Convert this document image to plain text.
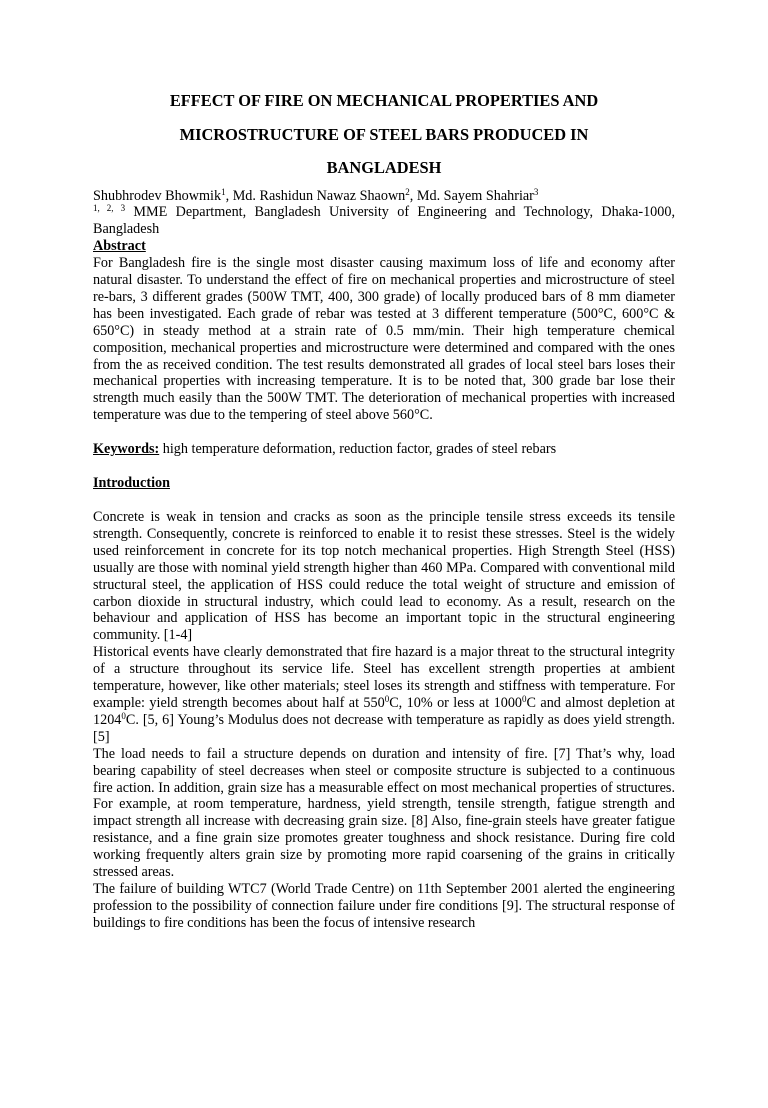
EFFECT OF FIRE ON MECHANICAL PROPERTIES AND
MICROSTRUCTURE OF STEEL BARS PRODUCED IN
BANGLADESH

Shubhrodev Bhowmik$^1$, Md. Rashidun Nawaz Shaown$^2$, Md. Sayem Shahriar$^3$

$^{1, 2, 3}$ MME Department, Bangladesh University of Engineering and Technology, Dhaka-1000, Bangladesh

Abstract

For Bangladesh fire is the single most disaster causing maximum loss of life and economy after natural disaster. To understand the effect of fire on mechanical properties and microstructure of steel re-bars, 3 different grades (500W TMT, 400, 300 grade) of locally produced bars of 8 mm diameter has been investigated. Each grade of rebar was tested at 3 different temperature (500°C, 600°C & 650°C) in steady method at a strain rate of 0.5 mm/min. Their high temperature chemical composition, mechanical properties and microstructure were determined and compared with the ones from the as received condition. The test results demonstrated all grades of local steel bars loses their mechanical properties with increasing temperature. It is to be noted that, 300 grade bar lose their strength much easily than the 500W TMT. The deterioration of mechanical properties with increased temperature was due to the tempering of steel above 560°C.

Keywords: high temperature deformation, reduction factor, grades of steel rebars

Introduction

Concrete is weak in tension and cracks as soon as the principle tensile stress exceeds its tensile strength. Consequently, concrete is reinforced to enable it to resist these stresses. Steel is the widely used reinforcement in concrete for its top notch mechanical properties. High Strength Steel (HSS) usually are those with nominal yield strength higher than 460 MPa. Compared with conventional mild structural steel, the application of HSS could reduce the total weight of structure and emission of carbon dioxide in structural industry, which could lead to economy. As a result, research on the behaviour and application of HSS has become an important topic in the structural engineering community. [1-4]

Historical events have clearly demonstrated that fire hazard is a major threat to the structural integrity of a structure throughout its service life. Steel has excellent strength properties at ambient temperature, however, like other materials; steel loses its strength and stiffness with temperature. For example: yield strength becomes about half at $550^0C$, 10% or less at 1000$^0$C and almost depletion at 1204$^0$C. [5, 6] Young’s Modulus does not decrease with temperature as rapidly as does yield strength. [5]

The load needs to fail a structure depends on duration and intensity of fire. [7] That’s why, load bearing capability of steel decreases when steel or composite structure is subjected to a continuous fire action. In addition, grain size has a measurable effect on most mechanical properties of structures. For example, at room temperature, hardness, yield strength, tensile strength, fatigue strength and impact strength all increase with decreasing grain size. [8] Also, fine-grain steels have greater fatigue resistance, and a fine grain size promotes greater toughness and shock resistance. During fire cold working frequently alters grain size by promoting more rapid coarsening of the grains in critically stressed areas.

The failure of building WTC7 (World Trade Centre) on 11th September 2001 alerted the engineering profession to the possibility of connection failure under fire conditions [9]. The structural response of buildings to fire conditions has been the focus of intensive research
